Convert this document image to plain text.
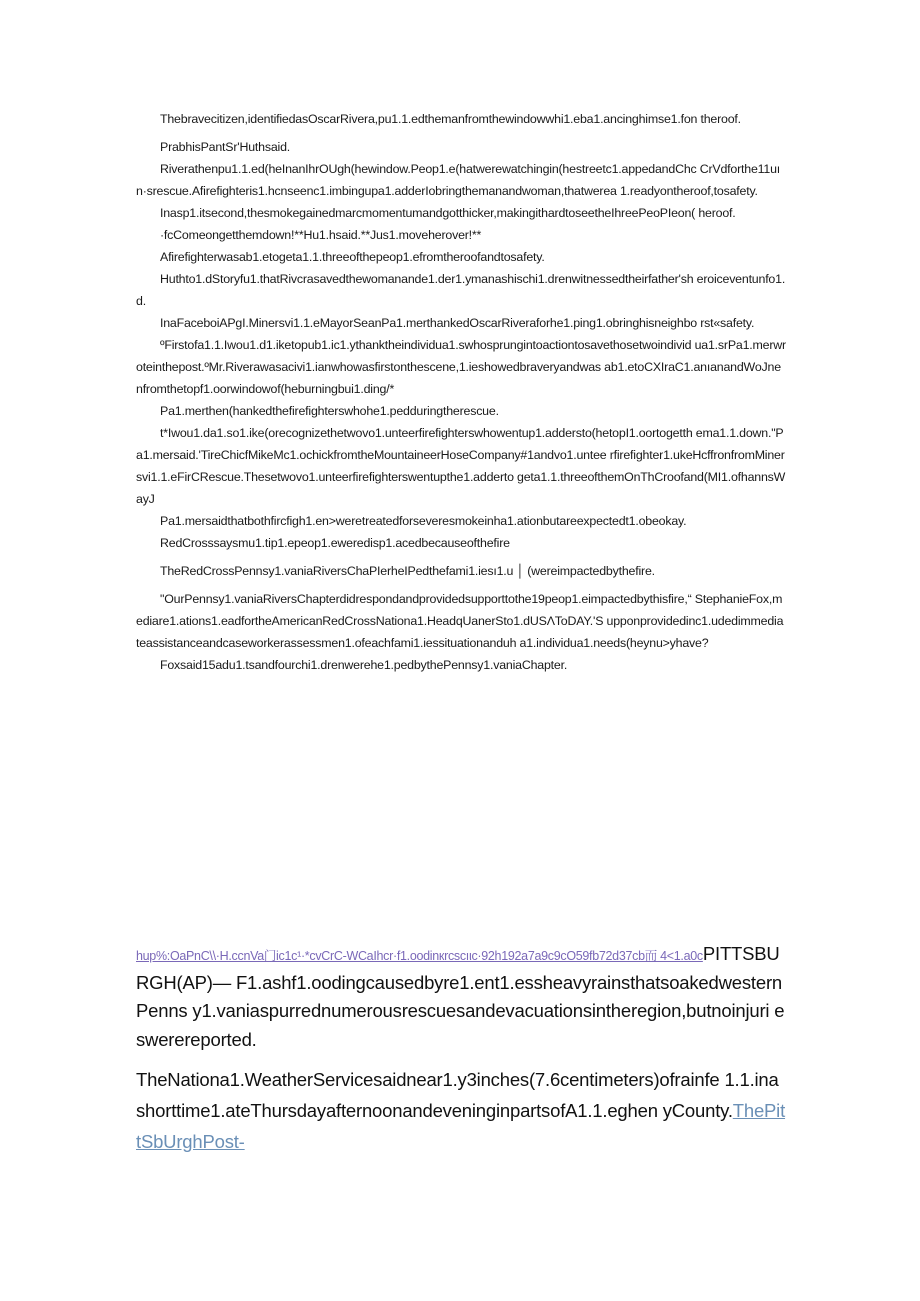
Thebravecitizen,identifiedasOscarRivera,pu1.1.edthemanfromthewindowwhi1.eba1.ancinghimse1.fon theroof.

PrabhisPantSr'Huthsaid.

Riverathenpu1.1.ed(heInanIhrOUgh(hewindow.Peop1.e(hatwerewatchingin(hestreetc1.appedandChc CrVdforthe11uın·srescue.Afirefighteris1.hcnseenc1.imbingupa1.adderIobringthemanandwoman,thatwerea 1.readyontheroof,tosafety.

Inasp1.itsecond,thesmokegainedmarcmomentumandgotthicker,makingithardtoseetheIhreePeoPIeon( heroof.

·fcComeongetthemdown!**Hu1.hsaid.**Jus1.moveherover!**

Afirefighterwasab1.etogeta1.1.threeofthepeop1.efromtheroofandtosafety.

Huthto1.dStoryfu1.thatRivcrasavedthewomanande1.der1.ymanashischi1.drenwitnessedtheirfather'sh eroiceventunfo1.d.

InaFaceboiAPgI.Minersvi1.1.eMayorSeanPa1.merthankedOscarRiveraforhe1.ping1.obringhisneighbo rst«safety.

ºFirstofa1.1.Iwou1.d1.iketopub1.ic1.ythanktheindividua1.swhosprungintoactiontosavethosetwoindivid ua1.srPa1.merwroteinthepost.ºMr.Riverawasacivi1.ianwhowasfirstonthescene,1.ieshowedbraveryandwas ab1.etoCXIraC1.anıanandWoJnenfromthetopf1.oorwindowof(heburningbui1.ding/*

Pa1.merthen(hankedthefirefighterswhohe1.pedduringtherescue.

t*Iwou1.da1.so1.ike(orecognizethetwovo1.unteerfirefighterswhowentup1.addersto(hetopI1.oortogetth ema1.1.down."Pa1.mersaid.'TireChicfMikeMc1.ochickfromtheMountaineerHoseCompany#1andvo1.untee rfirefighter1.ukeHcffronfromMinersvi1.1.eFirCRescue.Thesetwovo1.unteerfirefighterswentupthe1.adderto geta1.1.threeofthemOnThCroofand(MI1.ofhannsWayJ

Pa1.mersaidthatbothfircfigh1.en>weretreatedforseveresmokeinha1.ationbutareexpectedt1.obeokay.

RedCrosssaysmu1.tip1.epeop1.eweredisp1.acedbecauseofthefire

TheRedCrossPennsy1.vaniaRiversChaPIerheIPedthefami1.iesı1.u │ (wereimpactedbythefire.

"OurPennsy1.vaniaRiversChapterdidrespondandprovidedsupporttothe19peop1.eimpactedbythisfire,“ StephanieFox,mediare1.ations1.eadfortheAmericanRedCrossNationa1.HeadqUanerSto1.dUSΛToDAY.'S upponprovidedinc1.udedimmediateassistanceandcaseworkerassessmen1.ofeachfami1.iessituationanduh a1.individua1.needs(heynu>yhave?

Foxsaid15adu1.tsandfourchi1.drenwerehe1.pedbythePennsy1.vaniaChapter.

hup%:OaPnC\\·H.ccnVa门ic1c¹·*cvCrC-WCaIhcr·f1.oodinкrcscıιc·92h192a7a9c9cO59fb72d37cb而 4<1.a0cPITTSBURGH(AP)— F1.ashf1.oodingcausedbyre1.ent1.essheavyrainsthatsoakedwesternPenns y1.vaniaspurrednumerousrescuesandevacuationsintheregion,butnoinjuri eswerereported.
TheNationa1.WeatherServicesaidnear1.y3inches(7.6centimeters)ofrainfe 1.1.inashorttime1.ateThursdayafternoonandeveninginpartsofA1.1.eghen yCounty.ThePittSbUrghPost-
